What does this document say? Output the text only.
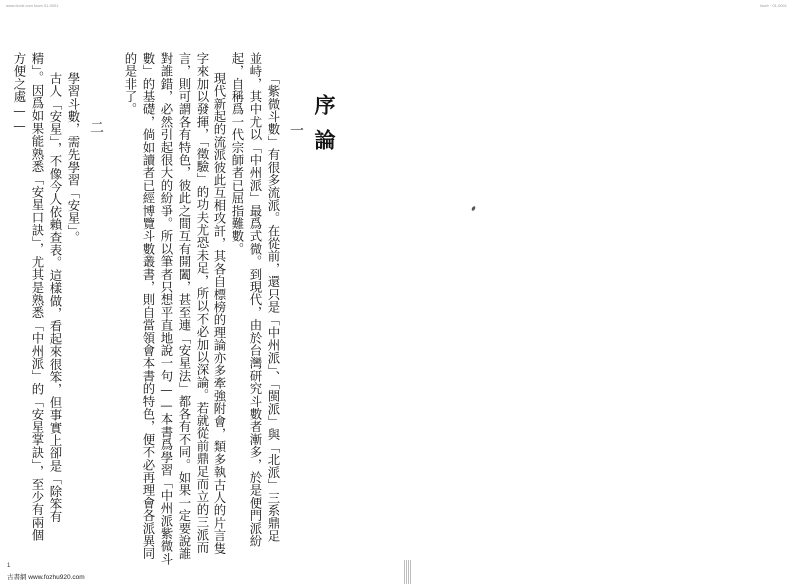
www.fzcrb.com fzcrb 01-0001	fzcrb · 01-0001
序論
一
「紫微斗數」有很多流派。在從前，還只是「中州派」、「閩派」與「北派」三系鼎足
並峙，其中尤以「中州派」最爲式微。到現代，由於台灣研究斗數者漸多，於是便門派紛
起，自稱爲一代宗師者已屈指難數。
現代新起的流派彼此互相攻訐，其各自標榜的理論亦多牽強附會，類多執古人的片言隻
字來加以發揮，「徵驗」的功夫尤恐未足，所以不必加以深論。若就從前鼎足而立的三派而
言，則可謂各有特色，彼此之間互有開闔，甚至連「安星法」都各有不同。如果一定要說誰
對誰錯，必然引起很大的紛爭。所以筆者只想平直地說一句——本書爲學習「中州派紫微斗
數」的基礎，倘如讀者已經博覽斗數叢書，則自當領會本書的特色，便不必再理會各派異同
的是非了。
二
學習斗數，需先學習「安星」。
古人「安星」，不像今人依賴查表。這樣做，看起來很笨，但事實上卻是「除笨有
精」。因爲如果能熟悉「安星口訣」，尤其是熟悉「中州派」的「安星掌訣」，至少有兩個
方便之處——
1
古書網 www.fozhu920.com
